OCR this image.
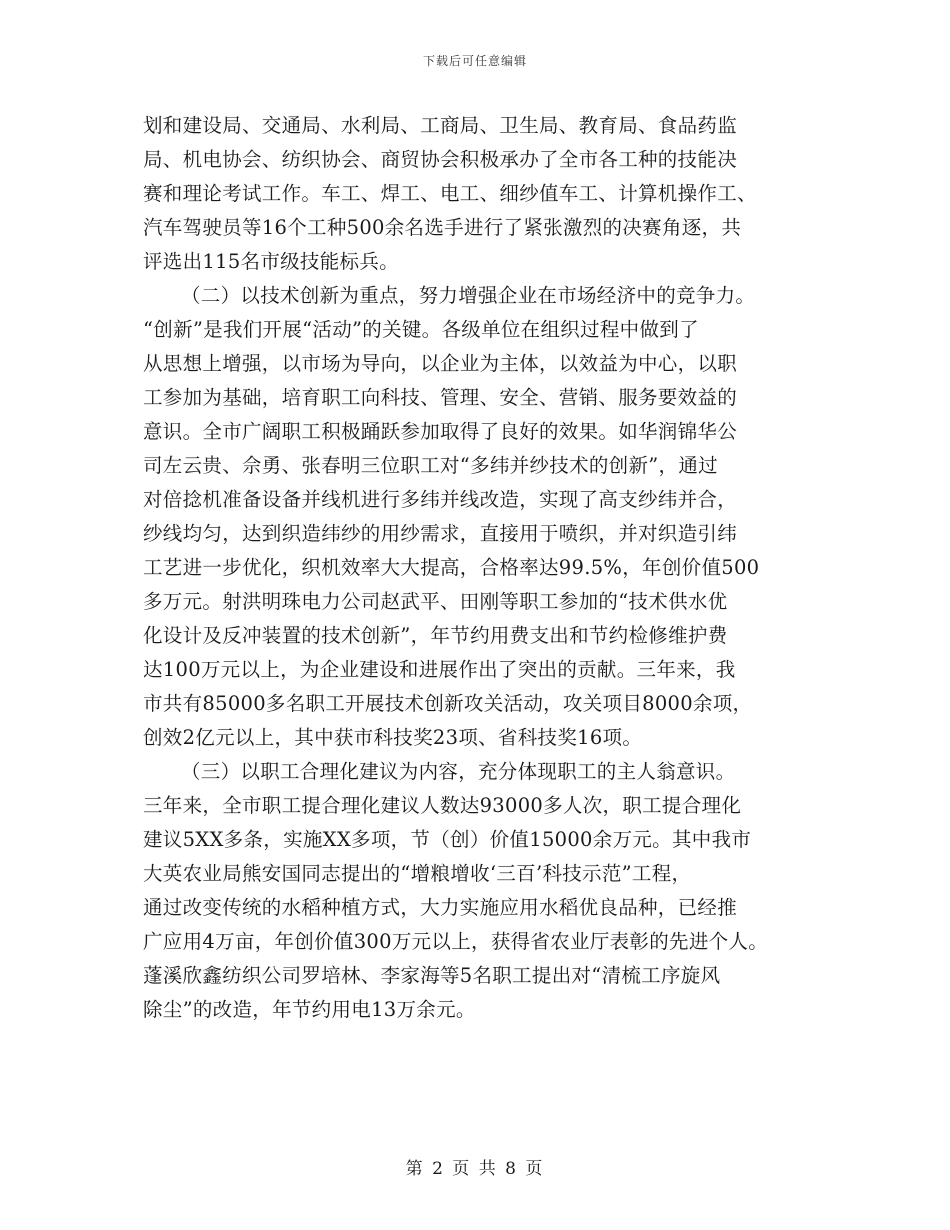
下载后可任意编辑
划和建设局、交通局、水利局、工商局、卫生局、教育局、食品药监
局、机电协会、纺织协会、商贸协会积极承办了全市各工种的技能决
赛和理论考试工作。车工、焊工、电工、细纱值车工、计算机操作工、
汽车驾驶员等16个工种500余名选手进行了紧张激烈的决赛角逐，共
评选出115名市级技能标兵。
（二）以技术创新为重点，努力增强企业在市场经济中的竞争力。
“创新”是我们开展“活动”的关键。各级单位在组织过程中做到了
从思想上增强，以市场为导向，以企业为主体，以效益为中心，以职
工参加为基础，培育职工向科技、管理、安全、营销、服务要效益的
意识。全市广阔职工积极踊跃参加取得了良好的效果。如华润锦华公
司左云贵、佘勇、张春明三位职工对“多纬并纱技术的创新”，通过
对倍捻机准备设备并线机进行多纬并线改造，实现了高支纱纬并合，
纱线均匀，达到织造纬纱的用纱需求，直接用于喷织，并对织造引纬
工艺进一步优化，织机效率大大提高，合格率达99.5%，年创价值500
多万元。射洪明珠电力公司赵武平、田刚等职工参加的“技术供水优
化设计及反冲装置的技术创新”，年节约用费支出和节约检修维护费
达100万元以上，为企业建设和进展作出了突出的贡献。三年来，我
市共有85000多名职工开展技术创新攻关活动，攻关项目8000余项，
创效2亿元以上，其中获市科技奖23项、省科技奖16项。
（三）以职工合理化建议为内容，充分体现职工的主人翁意识。
三年来，全市职工提合理化建议人数达93000多人次，职工提合理化
建议5XX多条，实施XX多项，节（创）价值15000余万元。其中我市
大英农业局熊安国同志提出的“增粮增收‘三百’科技示范”工程，
通过改变传统的水稻种植方式，大力实施应用水稻优良品种，已经推
广应用4万亩，年创价值300万元以上，获得省农业厅表彰的先进个人。
蓬溪欣鑫纺织公司罗培林、李家海等5名职工提出对“清梳工序旋风
除尘”的改造，年节约用电13万余元。
第 2 页 共 8 页
